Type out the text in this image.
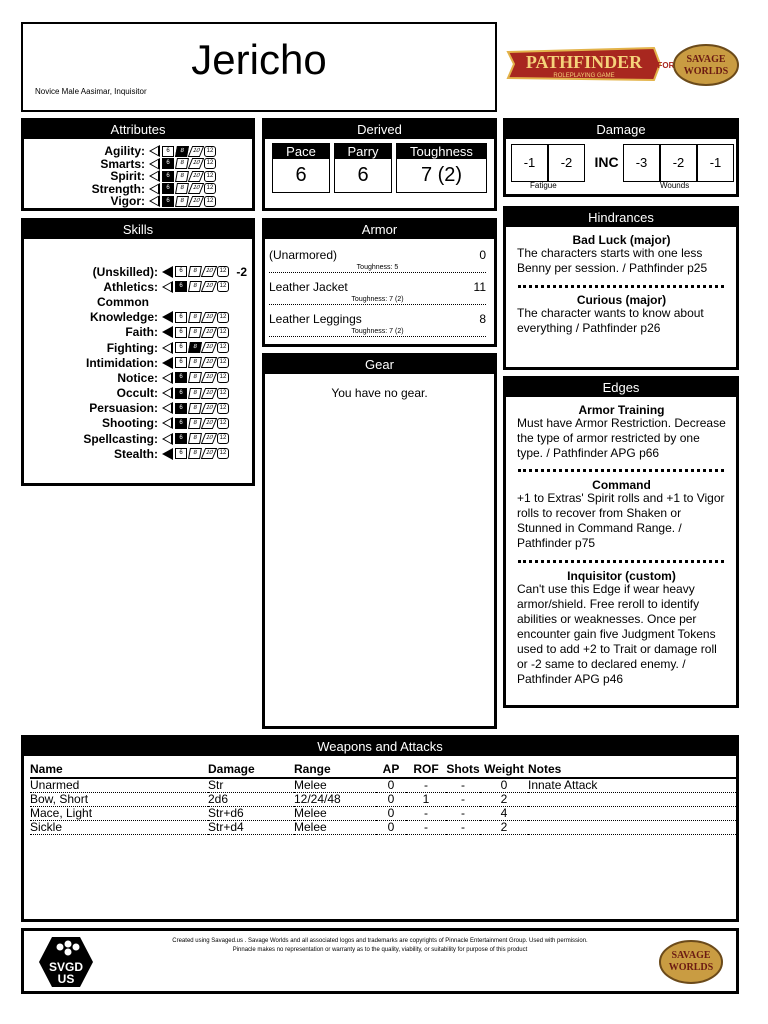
Jericho
Novice Male Aasimar, Inquisitor
PATHFINDER
ROLEPLAYING GAME
FOR
SAVAGE
WORLDS
Attributes
Agility:	6	8	10 12
Smarts:	6	8	10 12
Spirit:	6	8	10 12
Strength:	6	8	10 12
Vigor:	6	8	10 12
Derived
Pace
6
Parry
6
Toughness
7 (2)
Damage
-1	-2	INC	-3	-2	-1
Fatigue	Wounds
Skills
(Unskilled):	6	8	10 12 -2
Athletics:	6	8	10 12
Common
Knowledge:	6	8	10 12
Faith:	6	8	10 12
Fighting:	6	8	10 12
Intimidation:	6	8	10 12
Notice:	6	8	10 12
Occult:	6	8	10 12
Persuasion:	6	8	10 12
Shooting:	6	8	10 12
Spellcasting:	6	8	10 12
Stealth:	6	8	10 12
Armor
(Unarmored)	0
Toughness: 5
Leather Jacket	11
Toughness: 7 (2)
Leather Leggings	8
Toughness: 7 (2)
Gear
You have no gear.
Hindrances
Bad Luck (major)
The characters starts with one less Benny per session. / Pathfinder p25
Curious (major)
The character wants to know about everything / Pathfinder p26
Edges
Armor Training
Must have Armor Restriction. Decrease the type of armor restricted by one type. / Pathfinder APG p66
Command
+1 to Extras' Spirit rolls and +1 to Vigor rolls to recover from Shaken or Stunned in Command Range. / Pathfinder p75
Inquisitor (custom)
Can't use this Edge if wear heavy armor/shield. Free reroll to identify abilities or weaknesses. Once per encounter gain five Judgment Tokens used to add +2 to Trait or damage roll or -2 same to declared enemy. / Pathfinder APG p46
Weapons and Attacks
Name	Damage	Range	AP	ROF	Shots	Weight	Notes
Unarmed	Str	Melee	0	-	-	0	Innate Attack
Bow, Short	2d6	12/24/48	0	1	-	2	
Mace, Light	Str+d6	Melee	0	-	-	4	
Sickle	Str+d4	Melee	0	-	-	2	
SVGD
US
Created using Savaged.us . Savage Worlds and all associated logos and trademarks are copyrights of Pinnacle Entertainment Group. Used with permission.
Pinnacle makes no representation or warranty as to the quality, viability, or suitability for purpose of this product	SAVAGE
WORLDS
